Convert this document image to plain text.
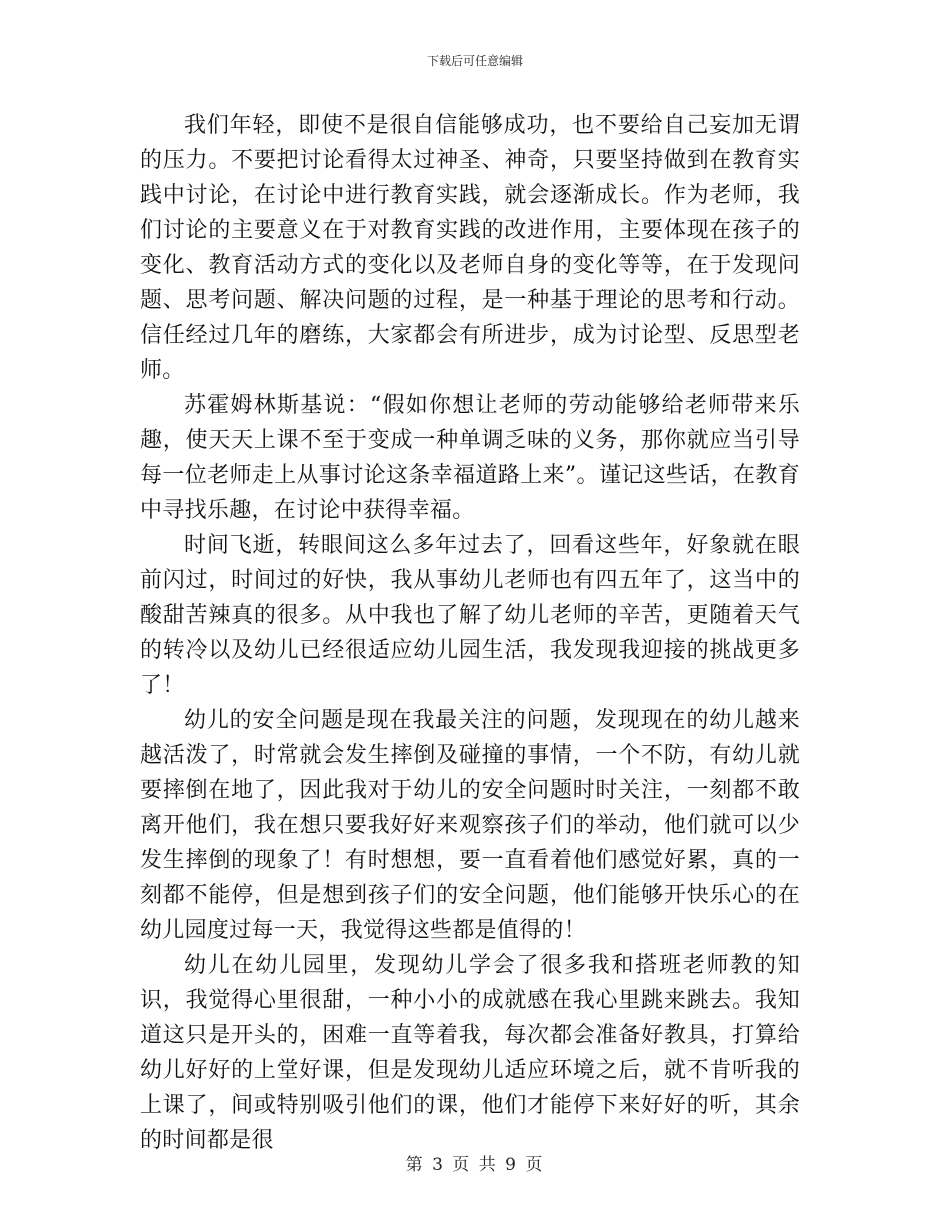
下载后可任意编辑

我们年轻，即使不是很自信能够成功，也不要给自己妄加无谓的压力。不要把讨论看得太过神圣、神奇，只要坚持做到在教育实践中讨论，在讨论中进行教育实践，就会逐渐成长。作为老师，我们讨论的主要意义在于对教育实践的改进作用，主要体现在孩子的变化、教育活动方式的变化以及老师自身的变化等等，在于发现问题、思考问题、解决问题的过程，是一种基于理论的思考和行动。信任经过几年的磨练，大家都会有所进步，成为讨论型、反思型老师。

苏霍姆林斯基说：“假如你想让老师的劳动能够给老师带来乐趣，使天天上课不至于变成一种单调乏味的义务，那你就应当引导每一位老师走上从事讨论这条幸福道路上来”。谨记这些话，在教育中寻找乐趣，在讨论中获得幸福。

时间飞逝，转眼间这么多年过去了，回看这些年，好象就在眼前闪过，时间过的好快，我从事幼儿老师也有四五年了，这当中的酸甜苦辣真的很多。从中我也了解了幼儿老师的辛苦，更随着天气的转冷以及幼儿已经很适应幼儿园生活，我发现我迎接的挑战更多了！

幼儿的安全问题是现在我最关注的问题，发现现在的幼儿越来越活泼了，时常就会发生摔倒及碰撞的事情，一个不防，有幼儿就要摔倒在地了，因此我对于幼儿的安全问题时时关注，一刻都不敢离开他们，我在想只要我好好来观察孩子们的举动，他们就可以少发生摔倒的现象了！有时想想，要一直看着他们感觉好累，真的一刻都不能停，但是想到孩子们的安全问题，他们能够开快乐心的在幼儿园度过每一天，我觉得这些都是值得的！

幼儿在幼儿园里，发现幼儿学会了很多我和搭班老师教的知识，我觉得心里很甜，一种小小的成就感在我心里跳来跳去。我知道这只是开头的，困难一直等着我，每次都会准备好教具，打算给幼儿好好的上堂好课，但是发现幼儿适应环境之后，就不肯听我的上课了，间或特别吸引他们的课，他们才能停下来好好的听，其余的时间都是很

第 3 页 共 9 页
